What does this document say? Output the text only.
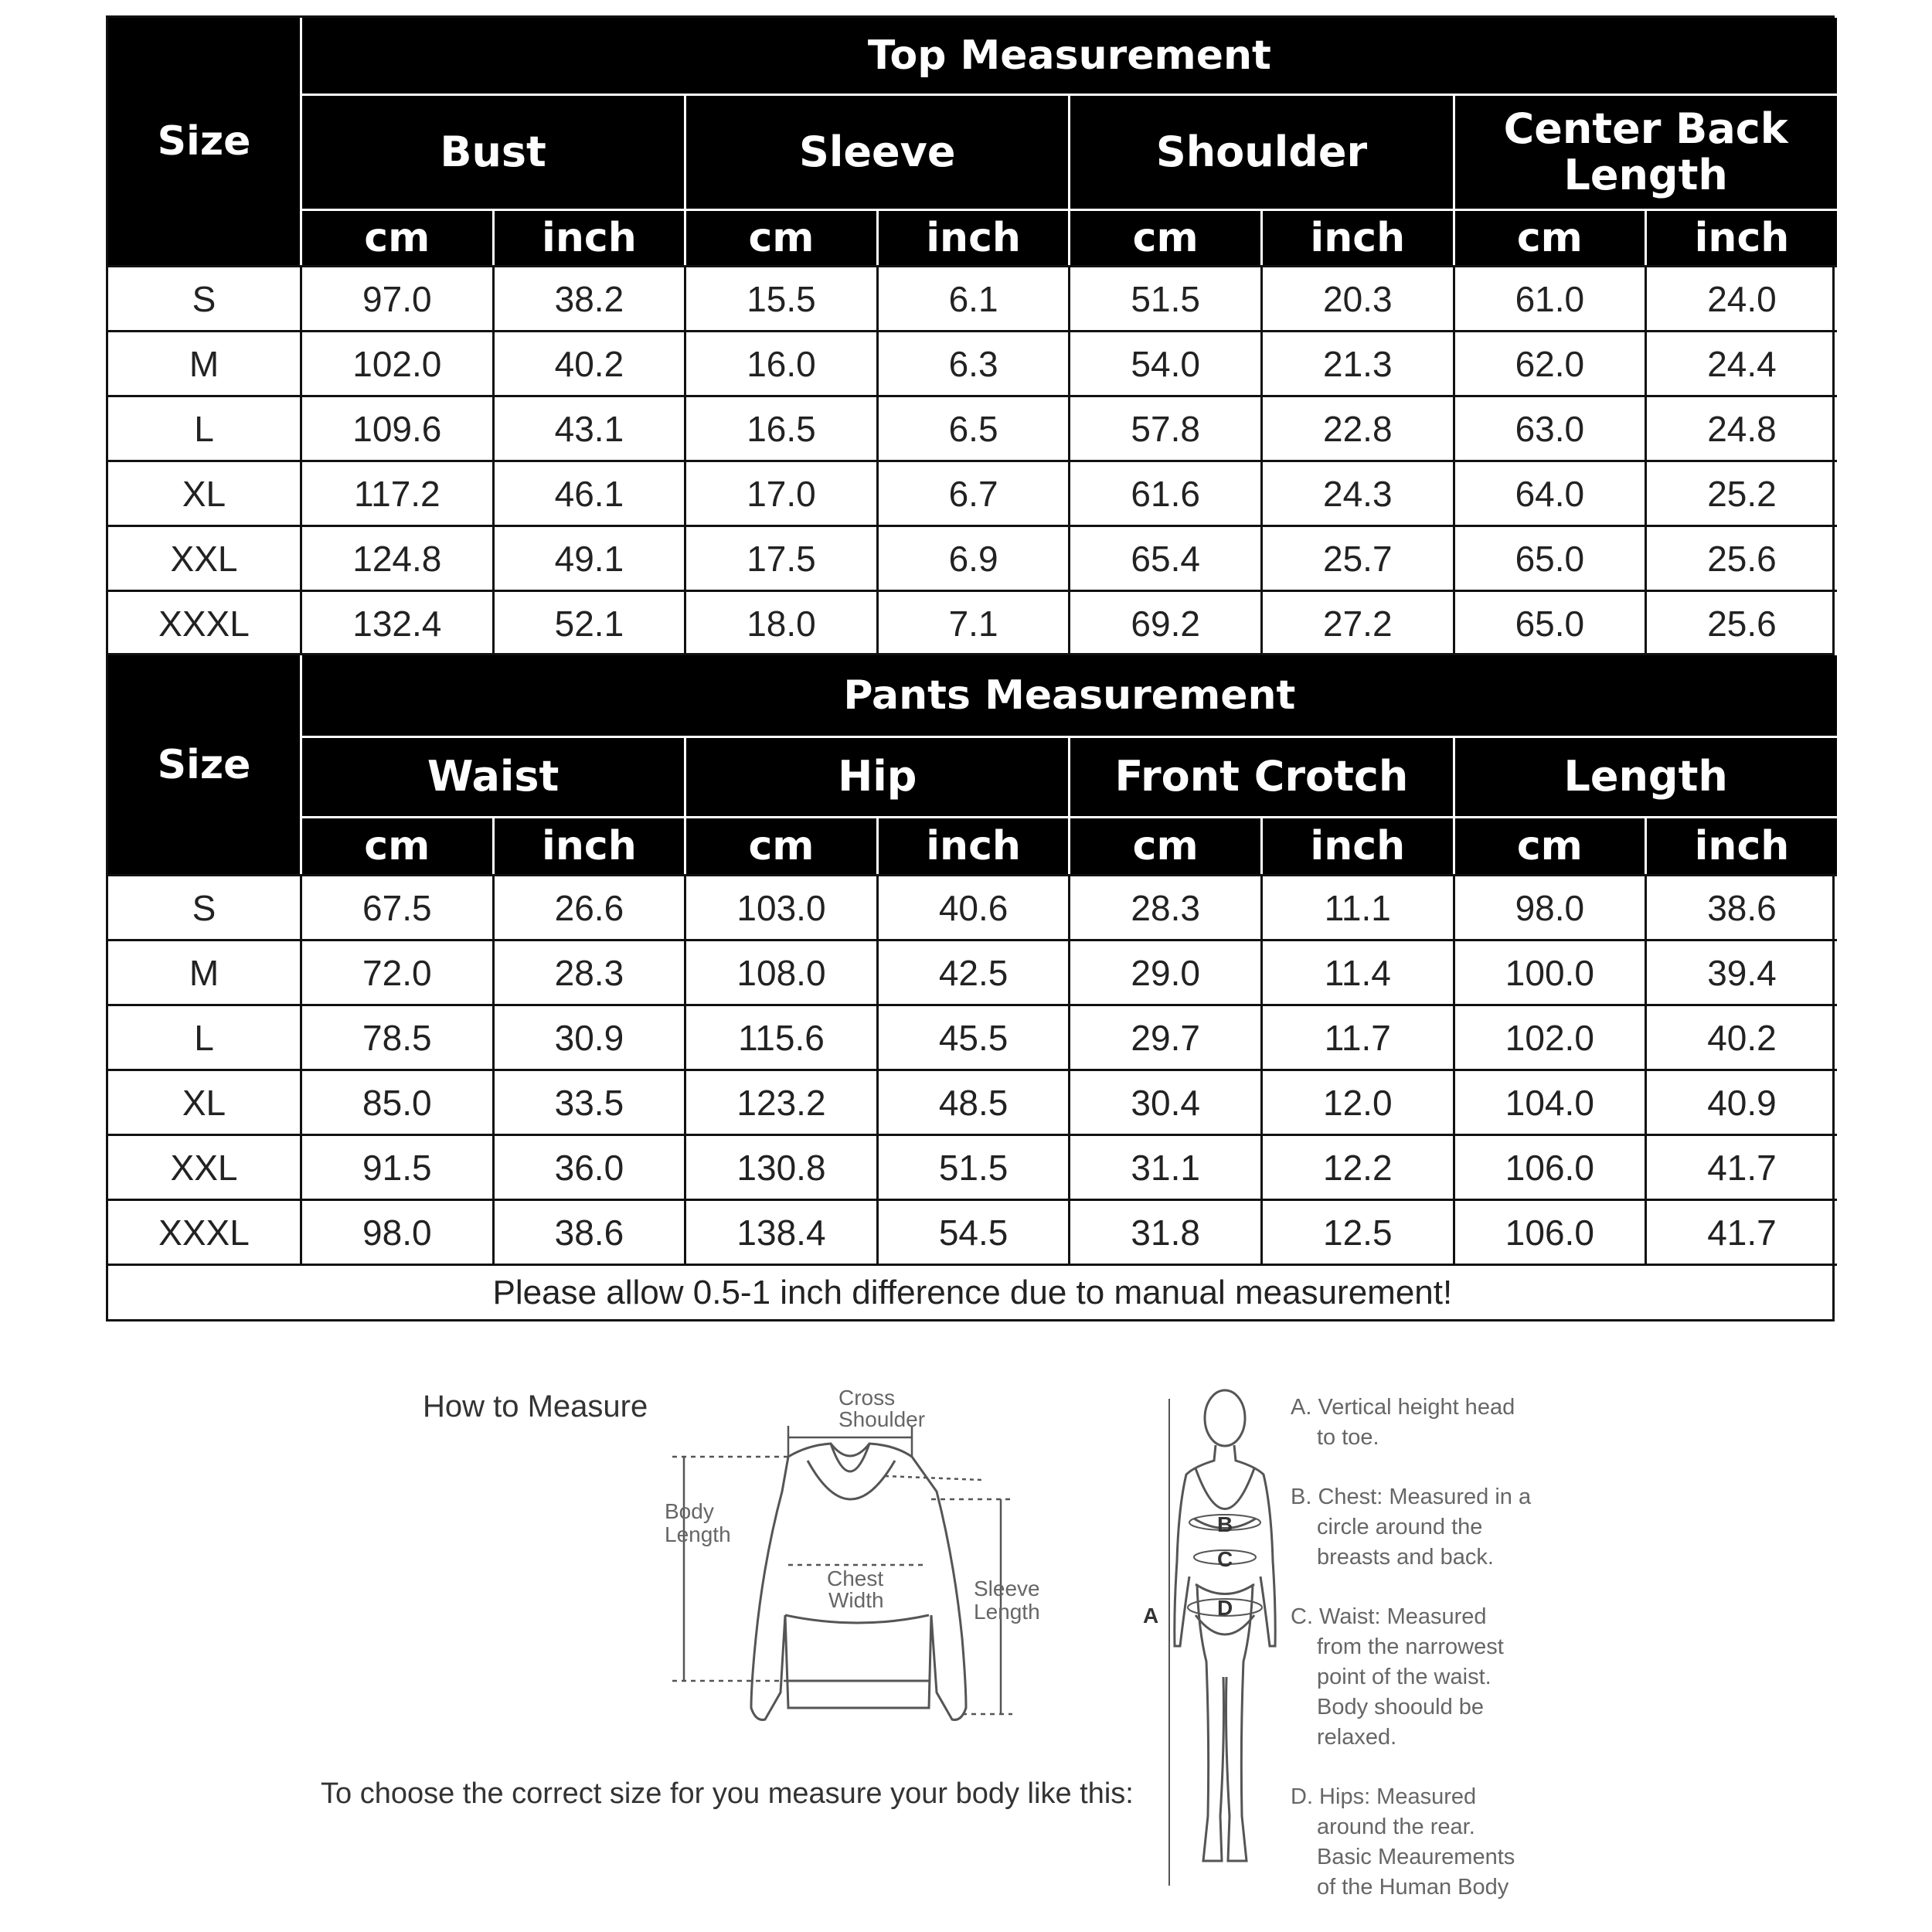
Size
Top Measurement
Bust	Sleeve	Shoulder	Center Back Length
cm	inch	cm	inch	cm	inch	cm	inch
S	97.0	38.2	15.5	6.1	51.5	20.3	61.0	24.0
M	102.0	40.2	16.0	6.3	54.0	21.3	62.0	24.4
L	109.6	43.1	16.5	6.5	57.8	22.8	63.0	24.8
XL	117.2	46.1	17.0	6.7	61.6	24.3	64.0	25.2
XXL	124.8	49.1	17.5	6.9	65.4	25.7	65.0	25.6
XXXL	132.4	52.1	18.0	7.1	69.2	27.2	65.0	25.6
Size
Pants Measurement
Waist	Hip	Front Crotch	Length
cm	inch	cm	inch	cm	inch	cm	inch
S	67.5	26.6	103.0	40.6	28.3	11.1	98.0	38.6
M	72.0	28.3	108.0	42.5	29.0	11.4	100.0	39.4
L	78.5	30.9	115.6	45.5	29.7	11.7	102.0	40.2
XL	85.0	33.5	123.2	48.5	30.4	12.0	104.0	40.9
XXL	91.5	36.0	130.8	51.5	31.1	12.2	106.0	41.7
XXXL	98.0	38.6	138.4	54.5	31.8	12.5	106.0	41.7
Please allow 0.5-1 inch difference due to manual measurement!
How to Measure
To choose the correct size for you measure your body like this:
Cross
Shoulder
Body
Length
Chest
Width	Sleeve
Length	A
B
C
D

A. Vertical height head
to toe.

B. Chest: Measured in a
circle around the
breasts and back.

C. Waist: Measured
from the narrowest
point of the waist.
Body shoould be
relaxed.

D. Hips: Measured
around the rear.
Basic Meaurements
of the Human Body
